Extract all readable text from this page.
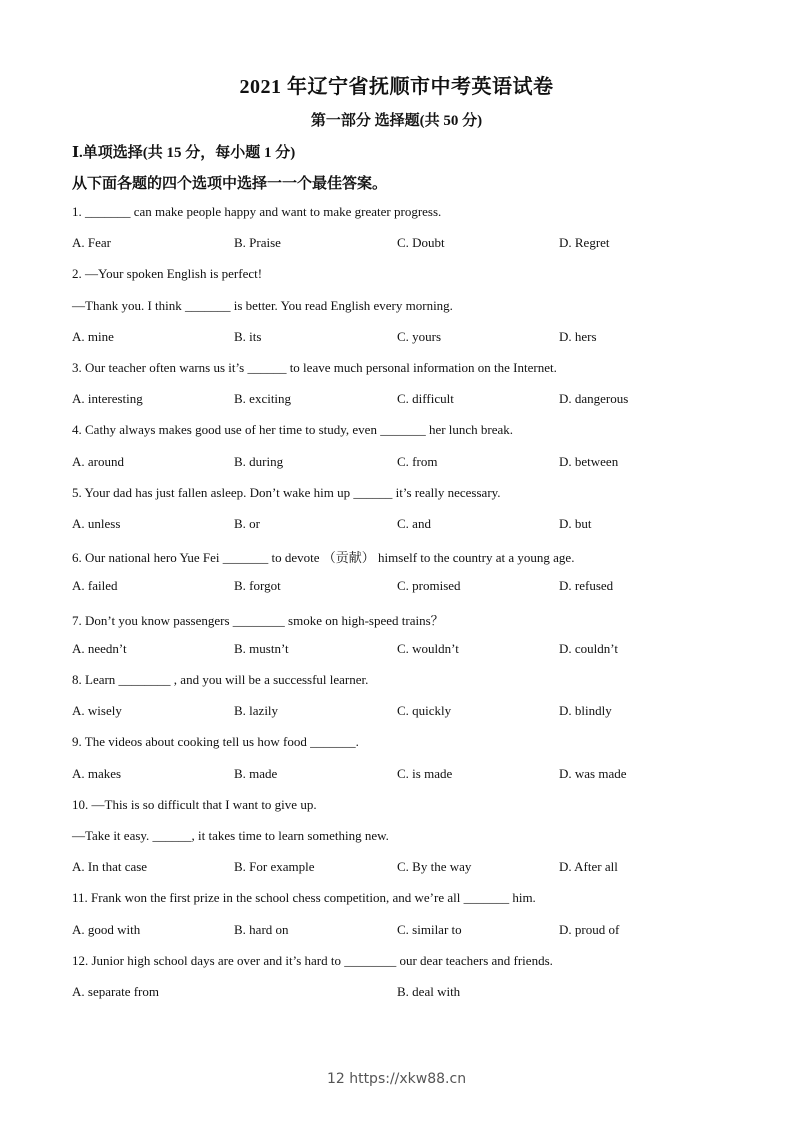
2021 年辽宁省抚顺市中考英语试卷
第一部分 选择题(共 50 分)
Ⅰ.单项选择(共 15 分，每小题 1 分)
从下面各题的四个选项中选择一一个最佳答案。
1. _______ can make people happy and want to make greater progress.
A. Fear	B. Praise	C. Doubt	D. Regret
2. —Your spoken English is perfect!
—Thank you. I think _______ is better. You read English every morning.
A. mine	B. its	C. yours	D. hers
3. Our teacher often warns us it’s ______ to leave much personal information on the Internet.
A. interesting	B. exciting	C. difficult	D. dangerous
4. Cathy always makes good use of her time to study, even _______ her lunch break.
A. around	B. during	C. from	D. between
5. Your dad has just fallen asleep. Don’t wake him up ______ it’s really necessary.
A. unless	B. or	C. and	D. but
6. Our national hero Yue Fei _______ to devote （贡献） himself to the country at a young age.
A. failed	B. forgot	C. promised	D. refused
7. Don’t you know passengers ________ smoke on high-speed trains？
A. needn’t	B. mustn’t	C. wouldn’t	D. couldn’t
8. Learn ________ , and you will be a successful learner.
A. wisely	B. lazily	C. quickly	D. blindly
9. The videos about cooking tell us how food _______.
A. makes	B. made	C. is made	D. was made
10. —This is so difficult that I want to give up.
—Take it easy. ______, it takes time to learn something new.
A. In that case	B. For example	C. By the way	D. After all
11. Frank won the first prize in the school chess competition, and we’re all _______ him.
A. good with	B. hard on	C. similar to	D. proud of
12. Junior high school days are over and it’s hard to ________ our dear teachers and friends.
A. separate from	B. deal with
12 https://xkw88.cn
